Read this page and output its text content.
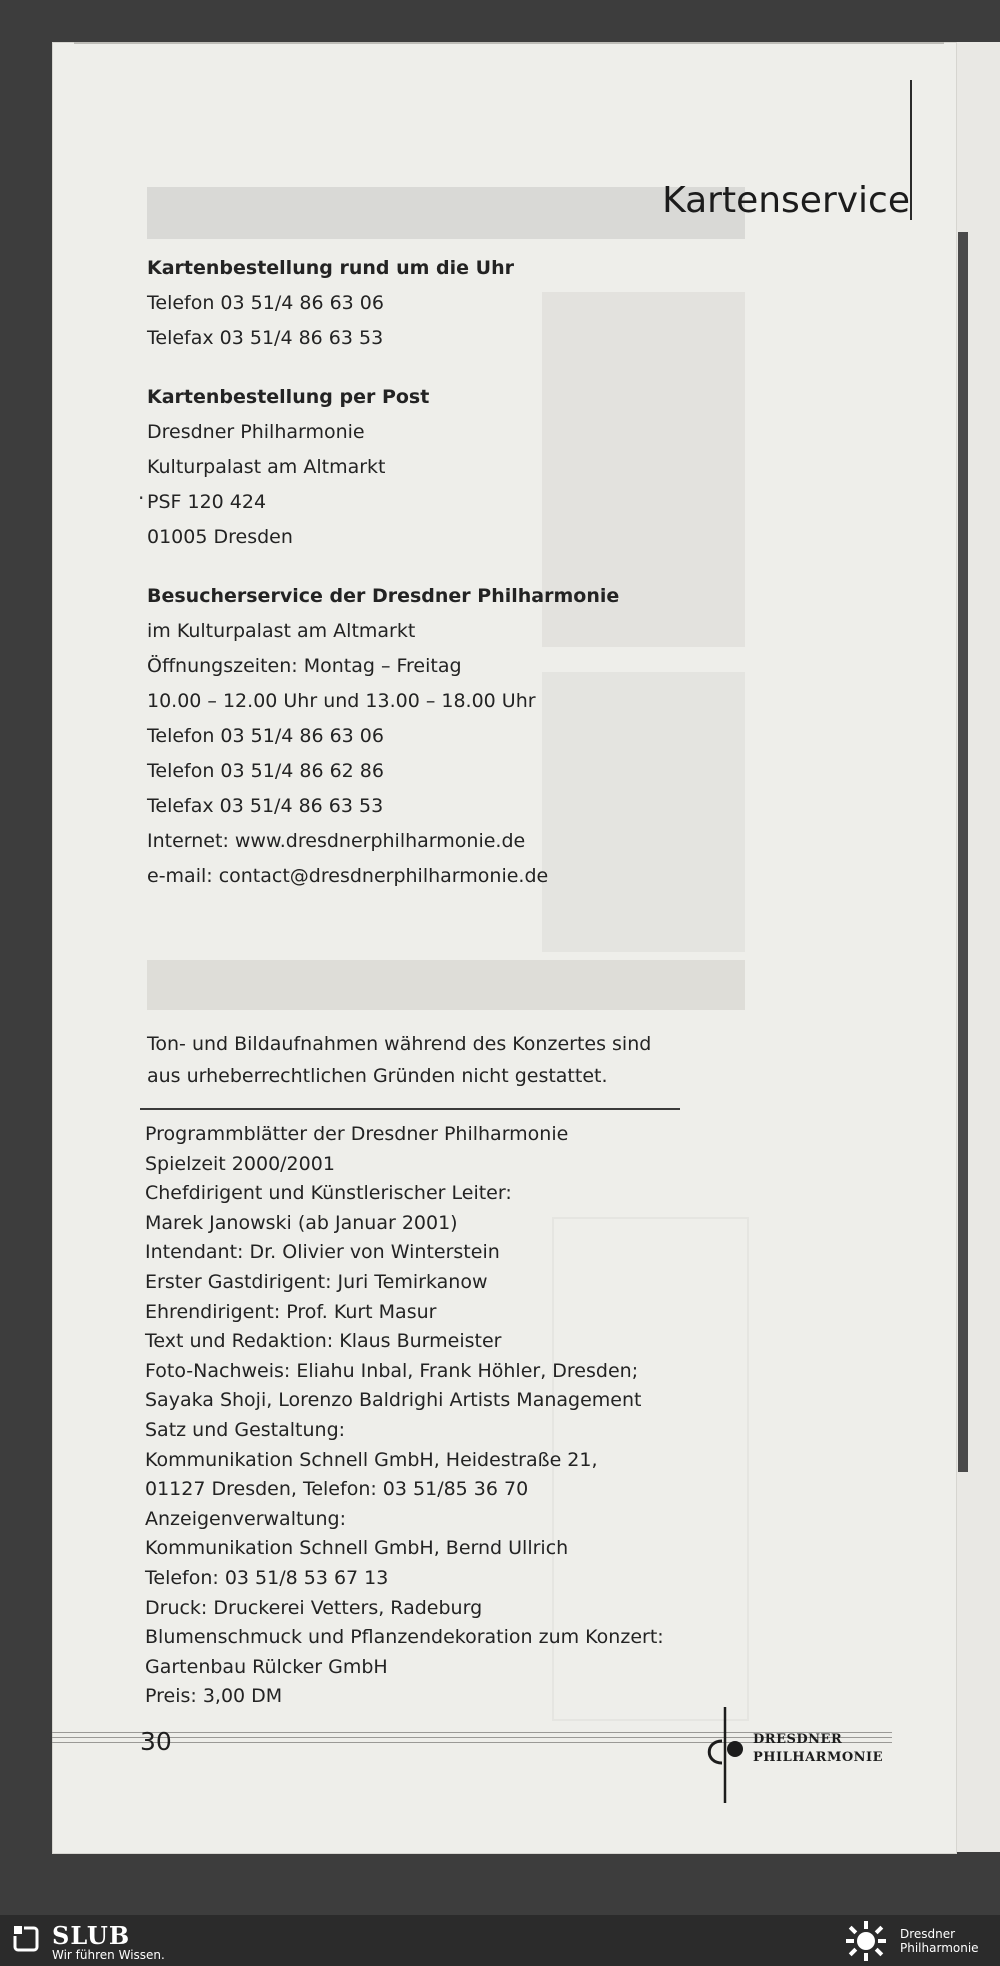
Kartenservice
Kartenbestellung rund um die Uhr
Telefon 03 51/4 86 63 06
Telefax 03 51/4 86 63 53
Kartenbestellung per Post
Dresdner Philharmonie
Kulturpalast am Altmarkt
PSF 120 424
01005 Dresden
Besucherservice der Dresdner Philharmonie
im Kulturpalast am Altmarkt
Öffnungszeiten: Montag – Freitag
10.00 – 12.00 Uhr und 13.00 – 18.00 Uhr
Telefon 03 51/4 86 63 06
Telefon 03 51/4 86 62 86
Telefax 03 51/4 86 63 53
Internet: www.dresdnerphilharmonie.de
e-mail: contact@dresdnerphilharmonie.de
·
Ton- und Bildaufnahmen während des Konzertes sind
aus urheberrechtlichen Gründen nicht gestattet.
Programmblätter der Dresdner Philharmonie
Spielzeit 2000/2001
Chefdirigent und Künstlerischer Leiter:
Marek Janowski (ab Januar 2001)
Intendant: Dr. Olivier von Winterstein
Erster Gastdirigent: Juri Temirkanow
Ehrendirigent: Prof. Kurt Masur
Text und Redaktion: Klaus Burmeister
Foto-Nachweis: Eliahu Inbal, Frank Höhler, Dresden;
Sayaka Shoji, Lorenzo Baldrighi Artists Management
Satz und Gestaltung:
Kommunikation Schnell GmbH, Heidestraße 21,
01127 Dresden, Telefon: 03 51/85 36 70
Anzeigenverwaltung:
Kommunikation Schnell GmbH, Bernd Ullrich
Telefon: 03 51/8 53 67 13
Druck: Druckerei Vetters, Radeburg
Blumenschmuck und Pflanzendekoration zum Konzert:
Gartenbau Rülcker GmbH
Preis: 3,00 DM
30	DRESDNER
PHILHARMONIE
SLUB
Wir führen Wissen.
Dresdner
Philharmonie
